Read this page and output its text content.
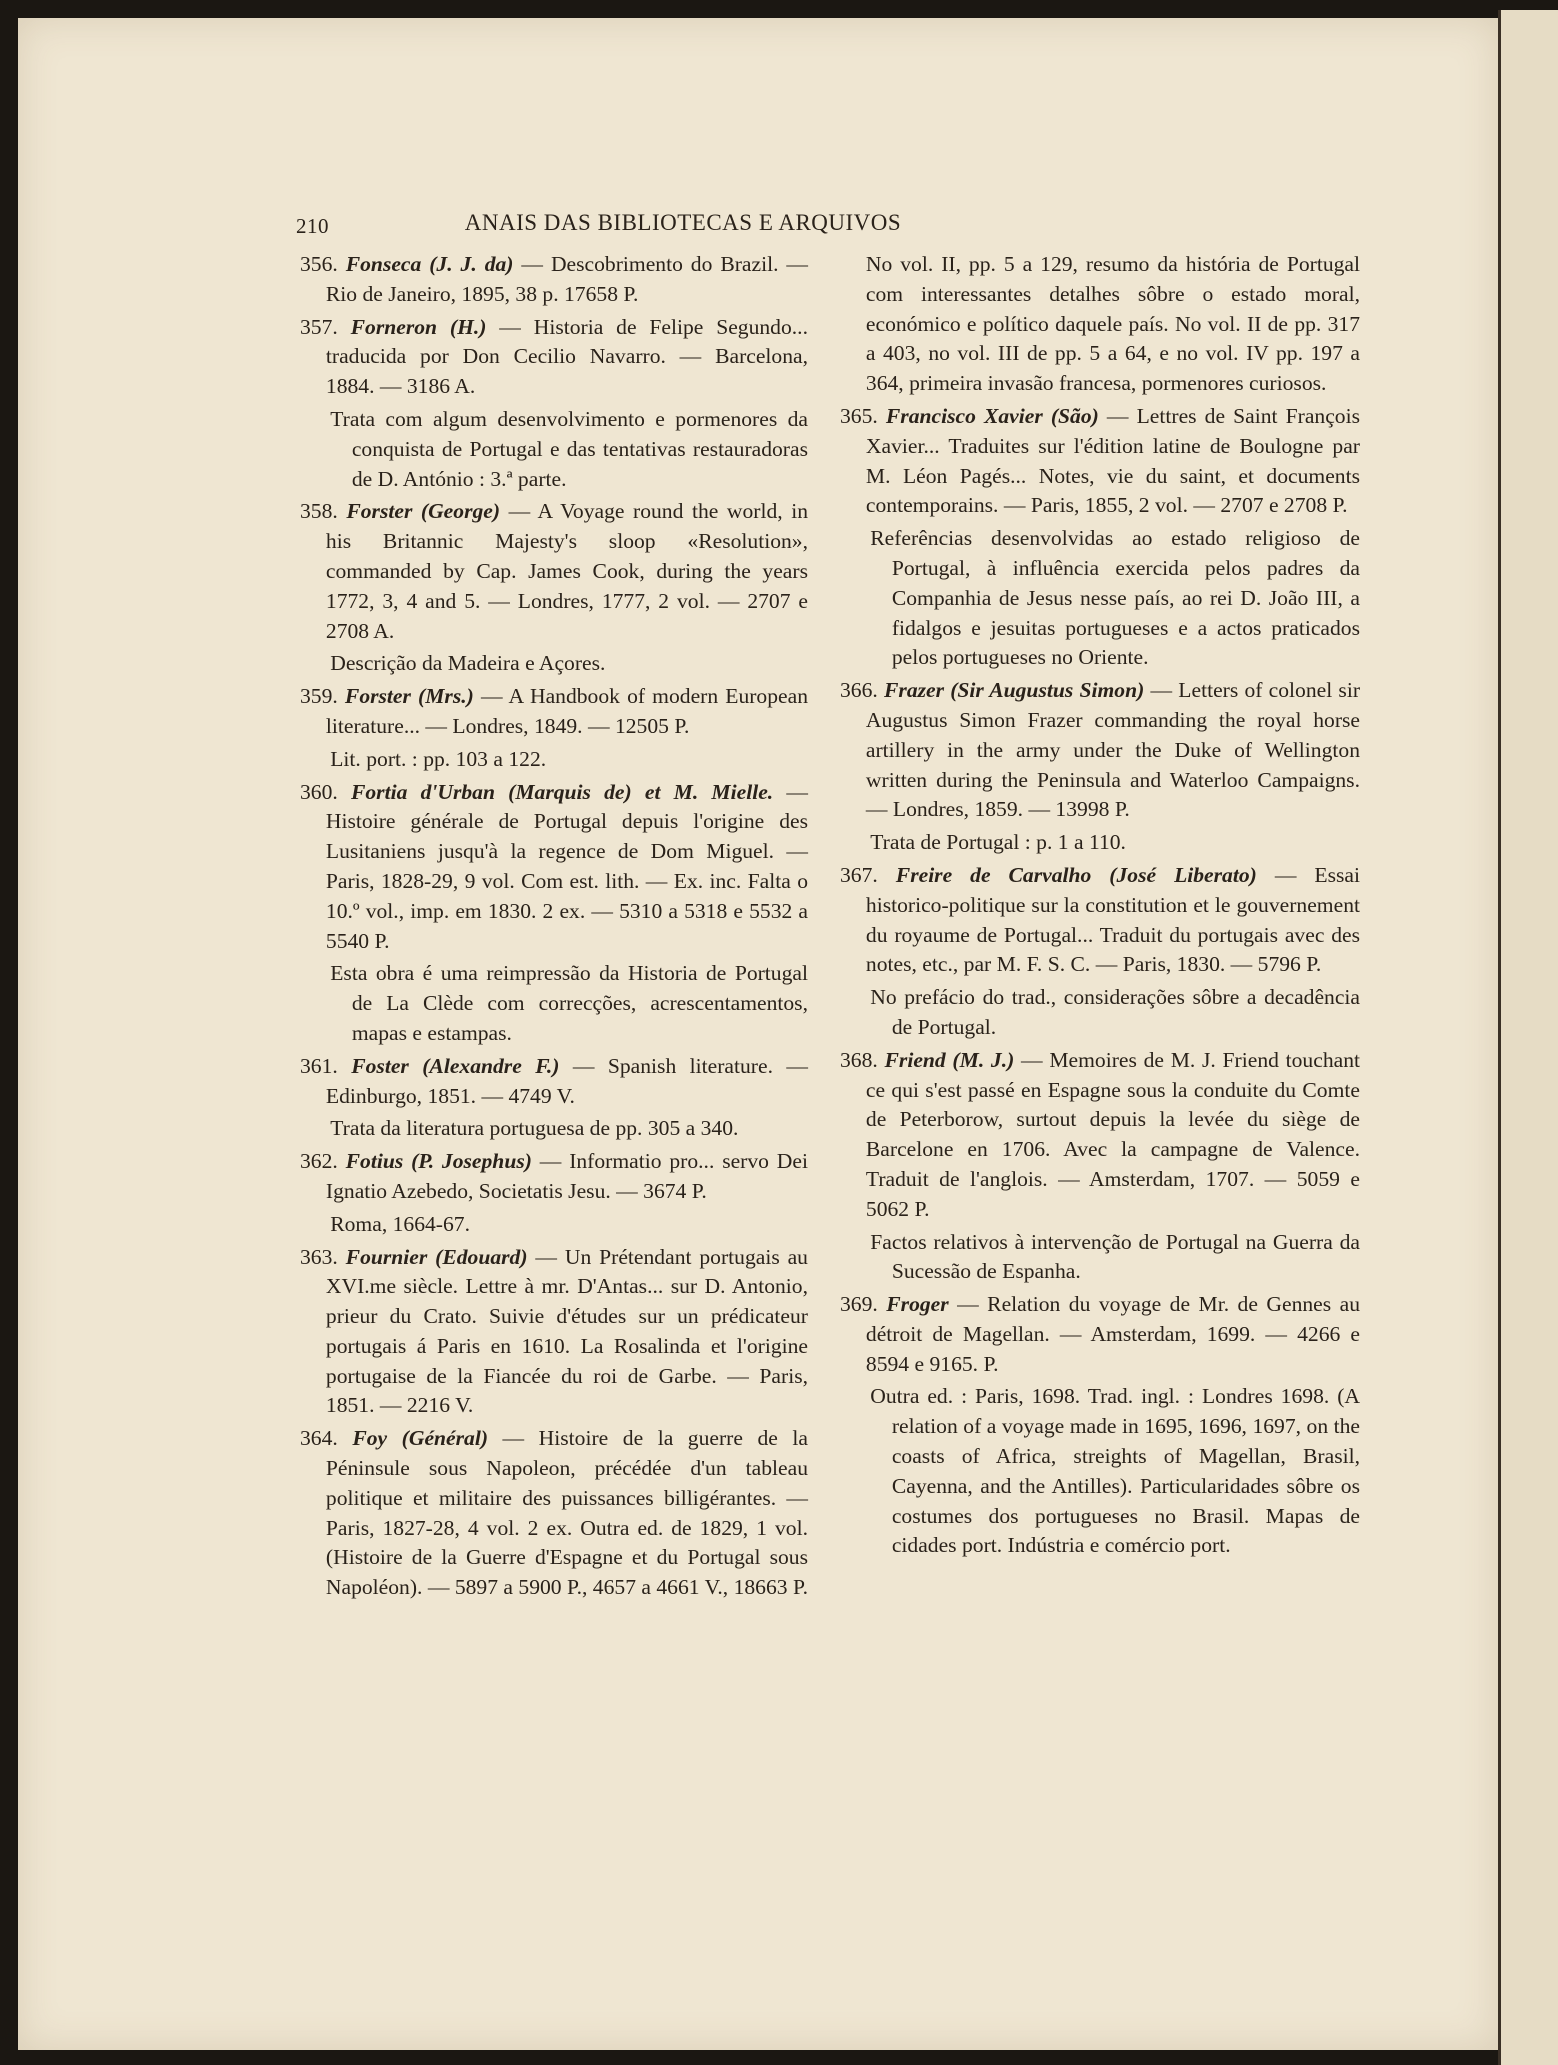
210	ANAIS DAS BIBLIOTECAS E ARQUIVOS

356. Fonseca (J. J. da) — Descobrimento do Brazil. — Rio de Janeiro, 1895, 38 p. 17658 P.

357. Forneron (H.) — Historia de Felipe Segundo... traducida por Don Cecilio Navarro. — Barcelona, 1884. — 3186 A.

Trata com algum desenvolvimento e pormenores da conquista de Portugal e das tentativas restauradoras de D. António : 3.ª parte.

358. Forster (George) — A Voyage round the world, in his Britannic Majesty's sloop «Resolution», commanded by Cap. James Cook, during the years 1772, 3, 4 and 5. — Londres, 1777, 2 vol. — 2707 e 2708 A.

Descrição da Madeira e Açores.

359. Forster (Mrs.) — A Handbook of modern European literature... — Londres, 1849. — 12505 P.

Lit. port. : pp. 103 a 122.

360. Fortia d'Urban (Marquis de) et M. Mielle. — Histoire générale de Portugal depuis l'origine des Lusitaniens jusqu'à la regence de Dom Miguel. — Paris, 1828-29, 9 vol. Com est. lith. — Ex. inc. Falta o 10.º vol., imp. em 1830. 2 ex. — 5310 a 5318 e 5532 a 5540 P.

Esta obra é uma reimpressão da Historia de Portugal de La Clède com correcções, acrescentamentos, mapas e estampas.

361. Foster (Alexandre F.) — Spanish literature. — Edinburgo, 1851. — 4749 V.

Trata da literatura portuguesa de pp. 305 a 340.

362. Fotius (P. Josephus) — Informatio pro... servo Dei Ignatio Azebedo, Societatis Jesu. — 3674 P.

Roma, 1664-67.

363. Fournier (Edouard) — Un Prétendant portugais au XVI.me siècle. Lettre à mr. D'Antas... sur D. Antonio, prieur du Crato. Suivie d'études sur un prédicateur portugais á Paris en 1610. La Rosalinda et l'origine portugaise de la Fiancée du roi de Garbe. — Paris, 1851. — 2216 V.

364. Foy (Général) — Histoire de la guerre de la Péninsule sous Napoleon, précédée d'un tableau politique et militaire des puissances billigérantes. — Paris, 1827-28, 4 vol. 2 ex. Outra ed. de 1829, 1 vol. (Histoire de la Guerre d'Espagne et du Portugal sous Napoléon). — 5897 a 5900 P., 4657 a 4661 V., 18663 P.

No vol. II, pp. 5 a 129, resumo da história de Portugal com interessantes detalhes sôbre o estado moral, económico e político daquele país. No vol. II de pp. 317 a 403, no vol. III de pp. 5 a 64, e no vol. IV pp. 197 a 364, primeira invasão francesa, pormenores curiosos.

365. Francisco Xavier (São) — Lettres de Saint François Xavier... Traduites sur l'édition latine de Boulogne par M. Léon Pagés... Notes, vie du saint, et documents contemporains. — Paris, 1855, 2 vol. — 2707 e 2708 P.

Referências desenvolvidas ao estado religioso de Portugal, à influência exercida pelos padres da Companhia de Jesus nesse país, ao rei D. João III, a fidalgos e jesuitas portugueses e a actos praticados pelos portugueses no Oriente.

366. Frazer (Sir Augustus Simon) — Letters of colonel sir Augustus Simon Frazer commanding the royal horse artillery in the army under the Duke of Wellington written during the Peninsula and Waterloo Campaigns. — Londres, 1859. — 13998 P.

Trata de Portugal : p. 1 a 110.

367. Freire de Carvalho (José Liberato) — Essai historico-politique sur la constitution et le gouvernement du royaume de Portugal... Traduit du portugais avec des notes, etc., par M. F. S. C. — Paris, 1830. — 5796 P.

No prefácio do trad., considerações sôbre a decadência de Portugal.

368. Friend (M. J.) — Memoires de M. J. Friend touchant ce qui s'est passé en Espagne sous la conduite du Comte de Peterborow, surtout depuis la levée du siège de Barcelone en 1706. Avec la campagne de Valence. Traduit de l'anglois. — Amsterdam, 1707. — 5059 e 5062 P.

Factos relativos à intervenção de Portugal na Guerra da Sucessão de Espanha.

369. Froger — Relation du voyage de Mr. de Gennes au détroit de Magellan. — Amsterdam, 1699. — 4266 e 8594 e 9165. P.

Outra ed. : Paris, 1698. Trad. ingl. : Londres 1698. (A relation of a voyage made in 1695, 1696, 1697, on the coasts of Africa, streights of Magellan, Brasil, Cayenna, and the Antilles). Particularidades sôbre os costumes dos portugueses no Brasil. Mapas de cidades port. Indústria e comércio port.
